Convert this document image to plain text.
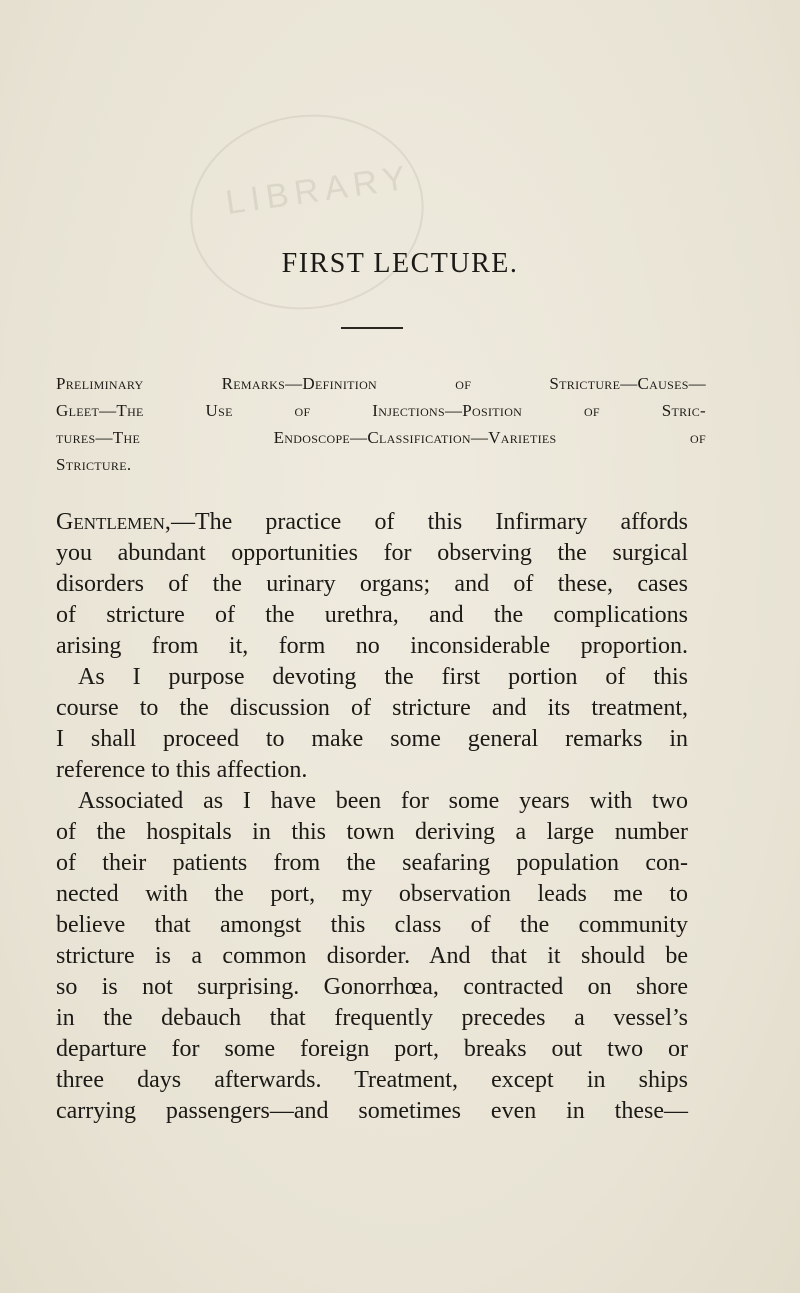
LIBRARY
FIRST LECTURE.
Preliminary Remarks—Definition of Stricture—Causes—
Gleet—The Use of Injections—Position of Stric-
tures—The Endoscope—Classification—Varieties of
Stricture.
Gentlemen,—The practice of this Infirmary affords
you abundant opportunities for observing the surgical
disorders of the urinary organs; and of these, cases
of stricture of the urethra, and the complications
arising from it, form no inconsiderable proportion.
As I purpose devoting the first portion of this
course to the discussion of stricture and its treatment,
I shall proceed to make some general remarks in
reference to this affection.
Associated as I have been for some years with two
of the hospitals in this town deriving a large number
of their patients from the seafaring population con-
nected with the port, my observation leads me to
believe that amongst this class of the community
stricture is a common disorder. And that it should be
so is not surprising. Gonorrhœa, contracted on shore
in the debauch that frequently precedes a vessel’s
departure for some foreign port, breaks out two or
three days afterwards. Treatment, except in ships
carrying passengers—and sometimes even in these—
